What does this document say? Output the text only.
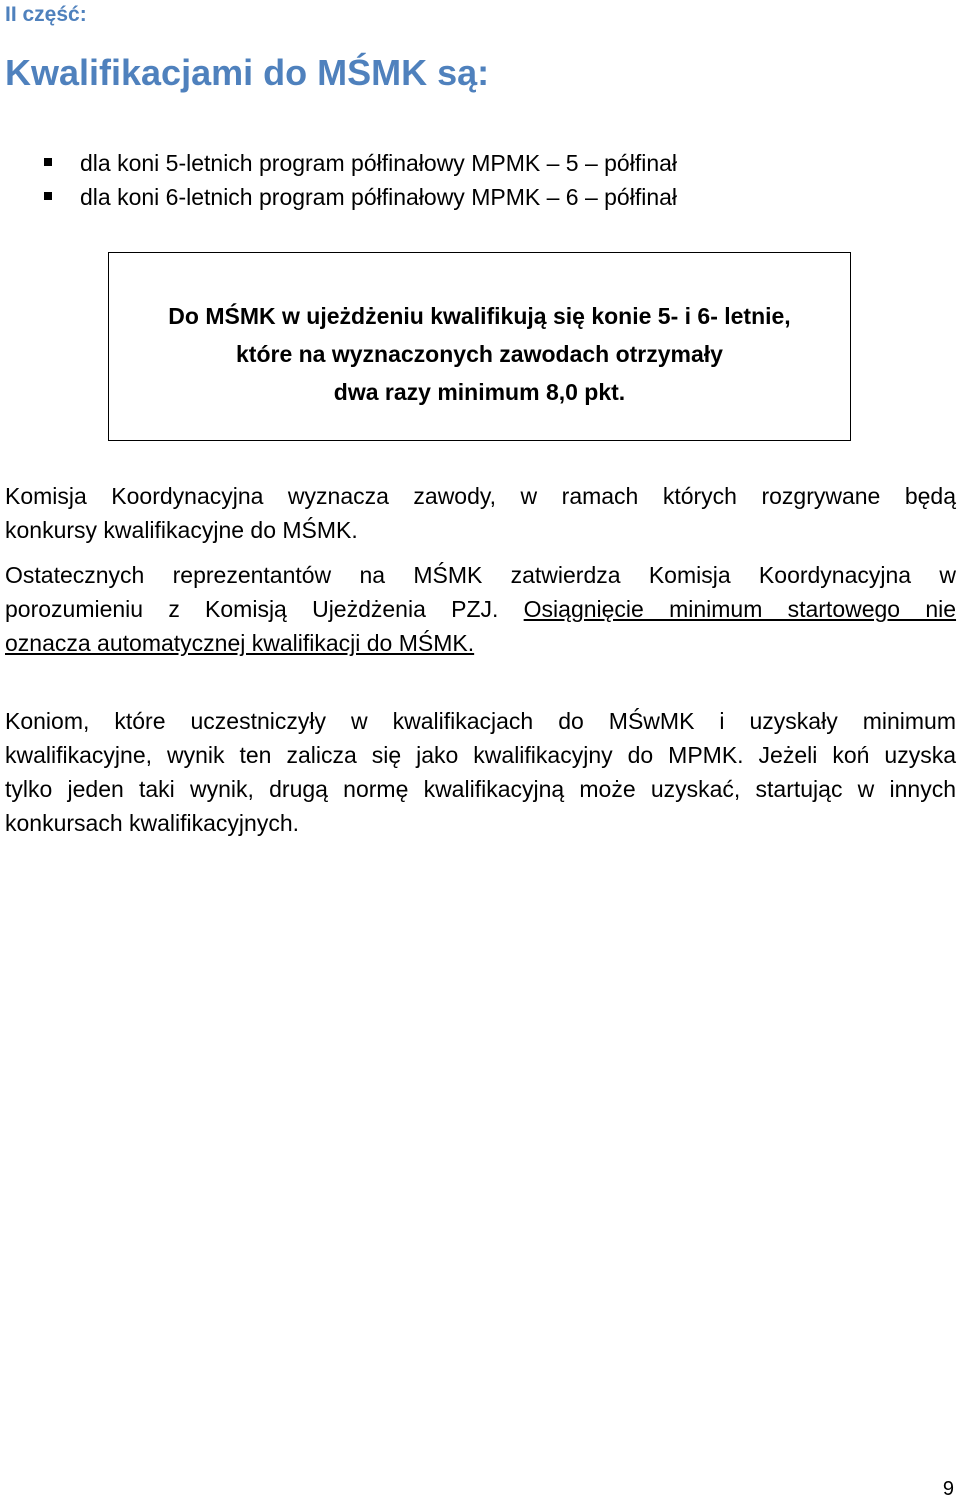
II część:
Kwalifikacjami do MŚMK są:
dla koni 5-letnich program półfinałowy MPMK – 5 – półfinał
dla koni 6-letnich program półfinałowy MPMK – 6 – półfinał
Do MŚMK w ujeżdżeniu kwalifikują się konie 5- i 6- letnie,
które na wyznaczonych zawodach otrzymały
dwa razy minimum 8,0 pkt.
Komisja Koordynacyjna wyznacza zawody, w ramach których rozgrywane będą
konkursy kwalifikacyjne do MŚMK.
Ostatecznych reprezentantów na MŚMK zatwierdza Komisja Koordynacyjna w
porozumieniu z Komisją Ujeżdżenia PZJ. Osiągnięcie minimum startowego nie
oznacza automatycznej kwalifikacji do MŚMK.
Koniom, które uczestniczyły w kwalifikacjach do MŚwMK i uzyskały minimum
kwalifikacyjne, wynik ten zalicza się jako kwalifikacyjny do MPMK. Jeżeli koń uzyska
tylko jeden taki wynik, drugą normę kwalifikacyjną może uzyskać, startując w innych
konkursach kwalifikacyjnych.
9
